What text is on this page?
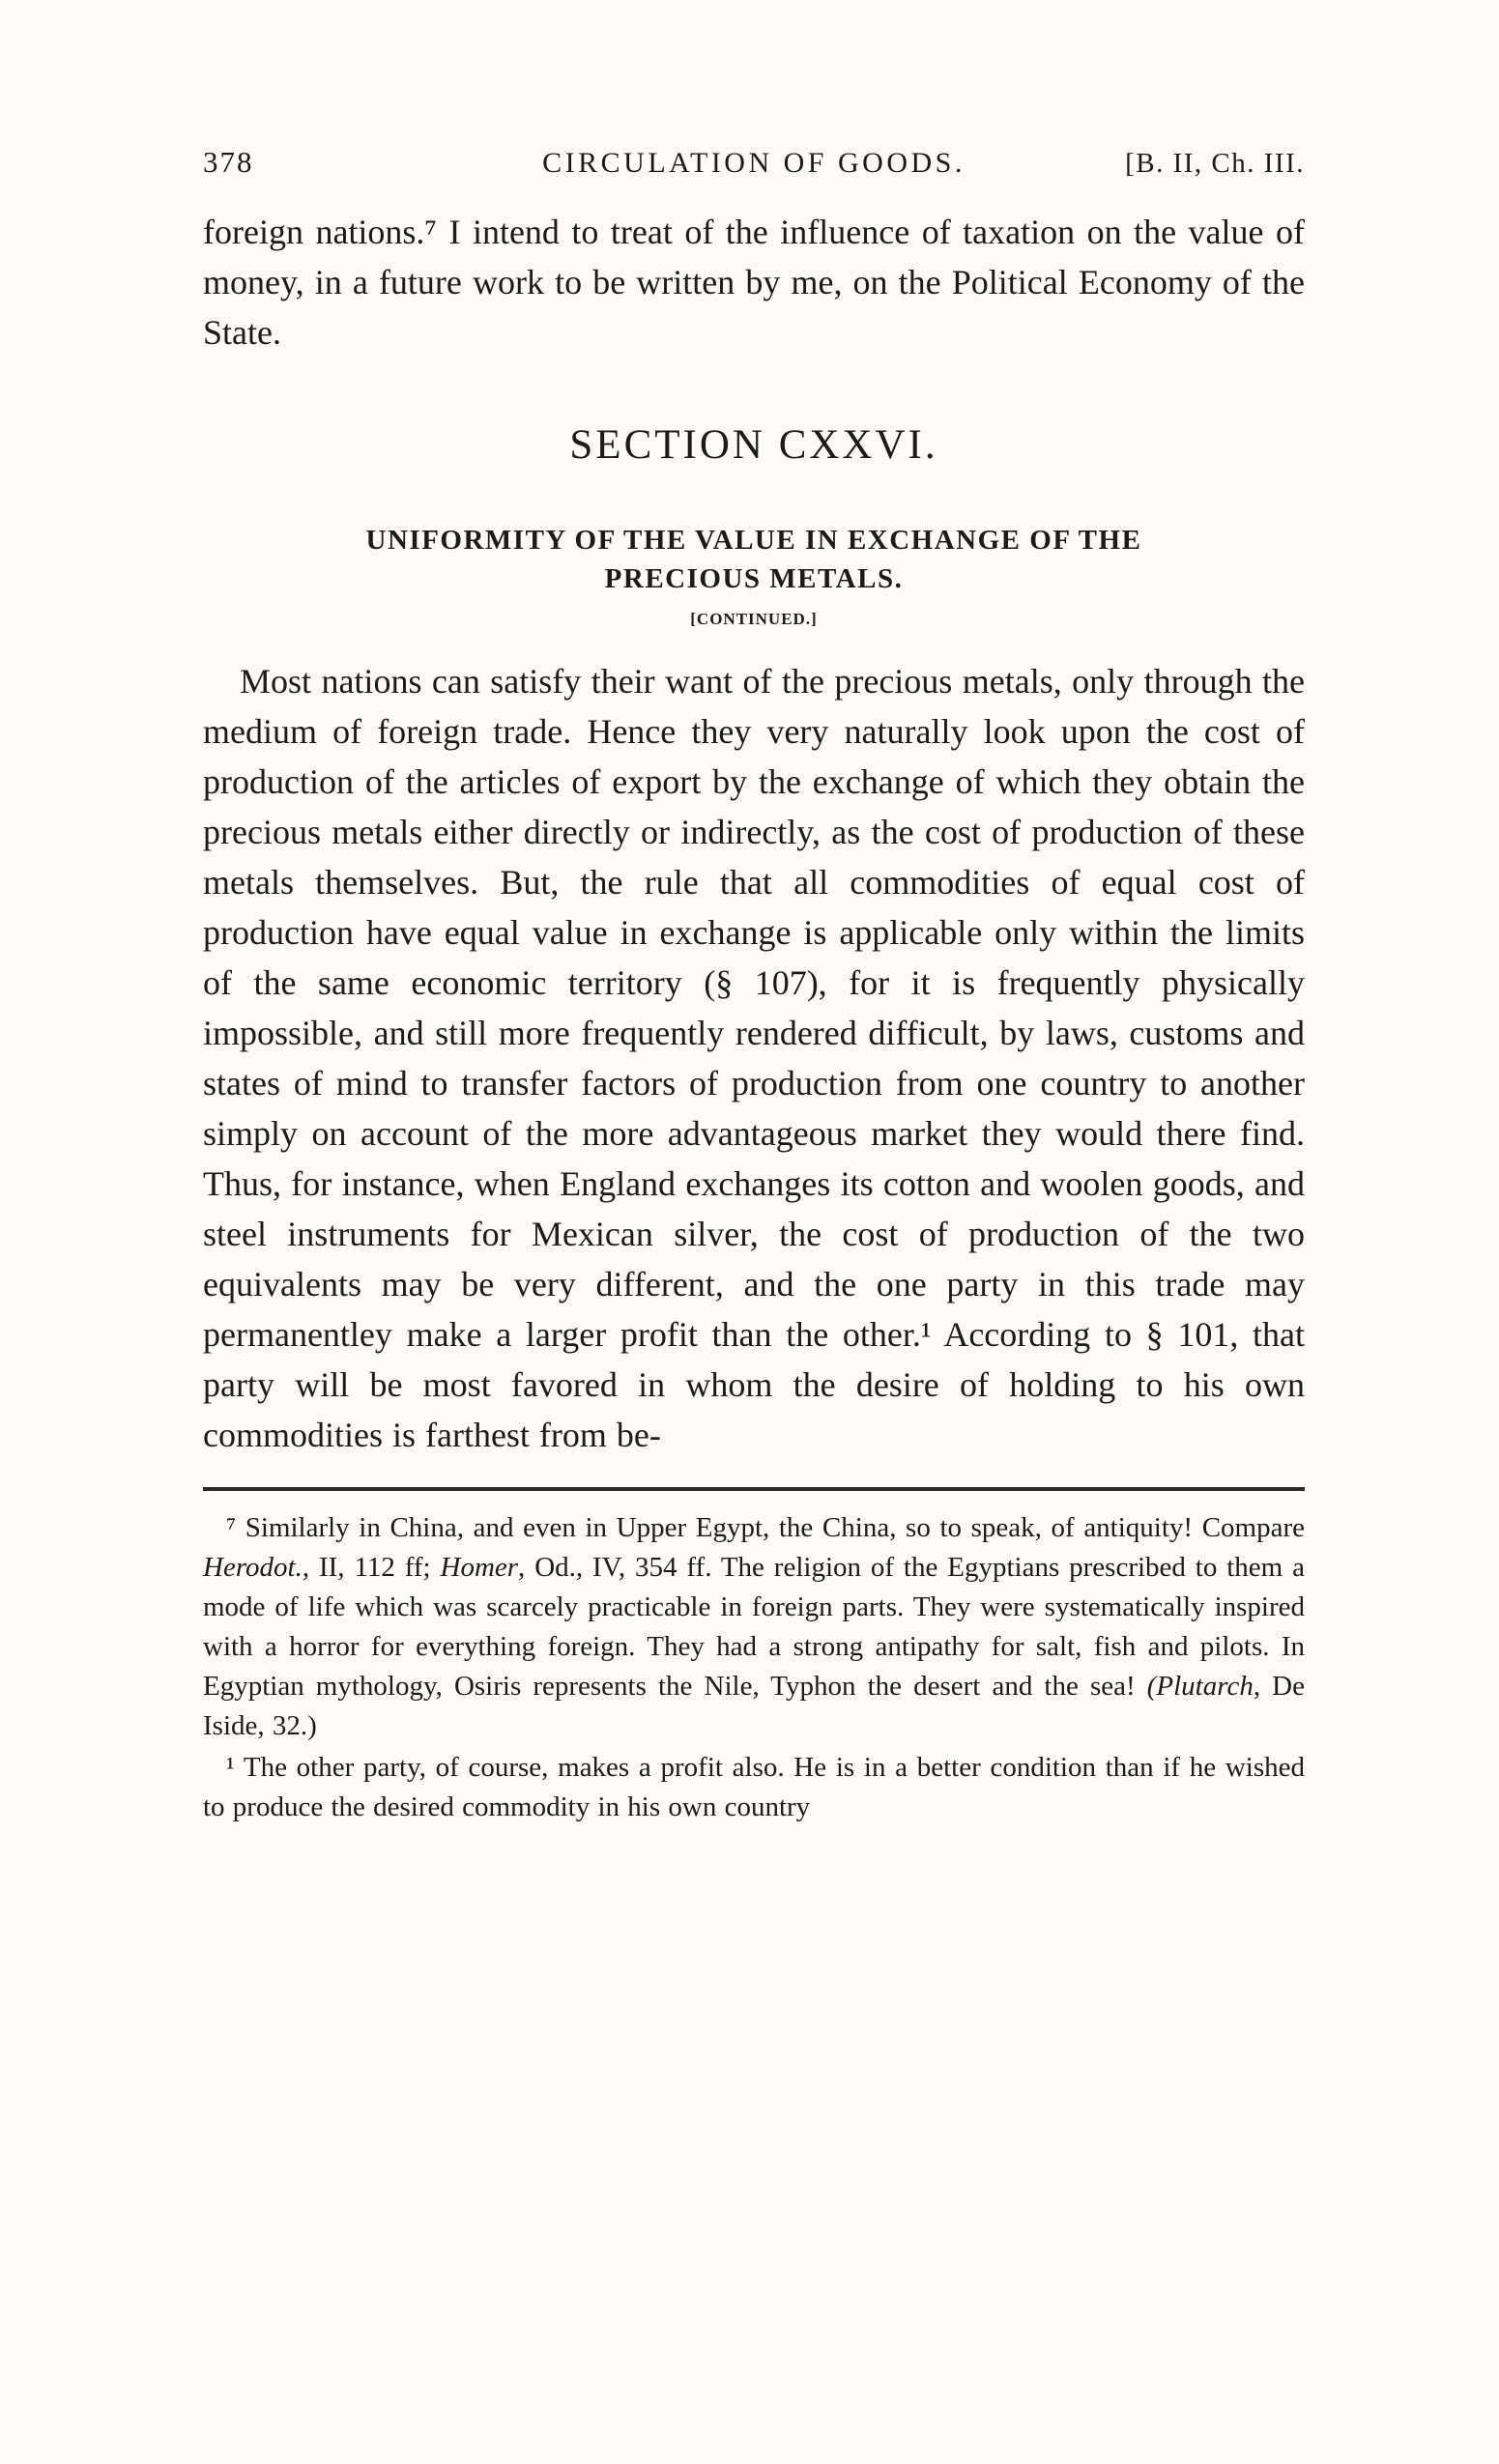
378	CIRCULATION OF GOODS.	[B. II, Ch. III.

foreign nations.⁷ I intend to treat of the influence of taxation on the value of money, in a future work to be written by me, on the Political Economy of the State.

SECTION CXXVI.
UNIFORMITY OF THE VALUE IN EXCHANGE OF THE
PRECIOUS METALS.
[CONTINUED.]

Most nations can satisfy their want of the precious metals, only through the medium of foreign trade. Hence they very naturally look upon the cost of production of the articles of export by the exchange of which they obtain the precious metals either directly or indirectly, as the cost of production of these metals themselves. But, the rule that all commodities of equal cost of production have equal value in exchange is applicable only within the limits of the same economic territory (§ 107), for it is frequently physically impossible, and still more frequently rendered difficult, by laws, customs and states of mind to transfer factors of production from one country to another simply on account of the more advantageous market they would there find. Thus, for instance, when England exchanges its cotton and woolen goods, and steel instruments for Mexican silver, the cost of production of the two equivalents may be very different, and the one party in this trade may permanentley make a larger profit than the other.¹ According to § 101, that party will be most favored in whom the desire of holding to his own commodities is farthest from be-

⁷ Similarly in China, and even in Upper Egypt, the China, so to speak, of antiquity! Compare Herodot., II, 112 ff; Homer, Od., IV, 354 ff. The religion of the Egyptians prescribed to them a mode of life which was scarcely practicable in foreign parts. They were systematically inspired with a horror for everything foreign. They had a strong antipathy for salt, fish and pilots. In Egyptian mythology, Osiris represents the Nile, Typhon the desert and the sea! (Plutarch, De Iside, 32.)

¹ The other party, of course, makes a profit also. He is in a better condition than if he wished to produce the desired commodity in his own country
